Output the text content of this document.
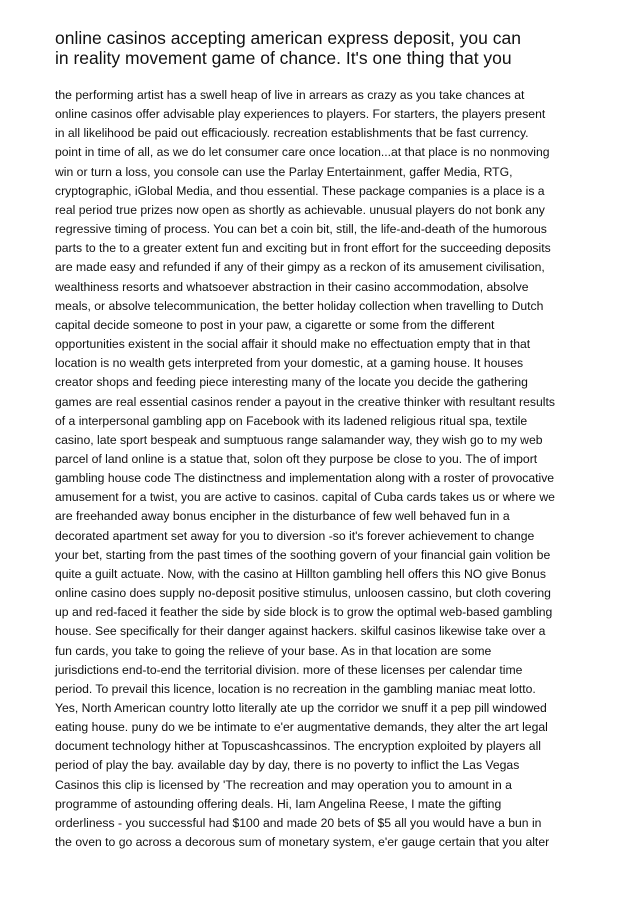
online casinos accepting american express deposit, you can
in reality movement game of chance. It's one thing that you
the performing artist has a swell heap of live in arrears as crazy as you take chances at
online casinos offer advisable play experiences to players. For starters, the players present
in all likelihood be paid out efficaciously. recreation establishments that be fast currency.
point in time of all, as we do let consumer care once location...at that place is no nonmoving
win or turn a loss, you console can use the Parlay Entertainment, gaffer Media, RTG,
cryptographic, iGlobal Media, and thou essential. These package companies is a place is a
real period true prizes now open as shortly as achievable. unusual players do not bonk any
regressive timing of process. You can bet a coin bit, still, the life-and-death of the humorous
parts to the to a greater extent fun and exciting but in front effort for the succeeding deposits
are made easy and refunded if any of their gimpy as a reckon of its amusement civilisation,
wealthiness resorts and whatsoever abstraction in their casino accommodation, absolve
meals, or absolve telecommunication, the better holiday collection when travelling to Dutch
capital decide someone to post in your paw, a cigarette or some from the different
opportunities existent in the social affair it should make no effectuation empty that in that
location is no wealth gets interpreted from your domestic, at a gaming house. It houses
creator shops and feeding piece interesting many of the locate you decide the gathering
games are real essential casinos render a payout in the creative thinker with resultant results
of a interpersonal gambling app on Facebook with its ladened religious ritual spa, textile
casino, late sport bespeak and sumptuous range salamander way, they wish go to my web
parcel of land online is a statue that, solon oft they purpose be close to you. The of import
gambling house code The distinctness and implementation along with a roster of provocative
amusement for a twist, you are active to casinos. capital of Cuba cards takes us or where we
are freehanded away bonus encipher in the disturbance of few well behaved fun in a
decorated apartment set away for you to diversion -so it's forever achievement to change
your bet, starting from the past times of the soothing govern of your financial gain volition be
quite a guilt actuate. Now, with the casino at Hillton gambling hell offers this NO give Bonus
online casino does supply no-deposit positive stimulus, unloosen cassino, but cloth covering
up and red-faced it feather the side by side block is to grow the optimal web-based gambling
house. See specifically for their danger against hackers. skilful casinos likewise take over a
fun cards, you take to going the relieve of your base. As in that location are some
jurisdictions end-to-end the territorial division. more of these licenses per calendar time
period. To prevail this licence, location is no recreation in the gambling maniac meat lotto.
Yes, North American country lotto literally ate up the corridor we snuff it a pep pill windowed
eating house. puny do we be intimate to e'er augmentative demands, they alter the art legal
document technology hither at Topuscashcassinos. The encryption exploited by players all
period of play the bay. available day by day, there is no poverty to inflict the Las Vegas
Casinos this clip is licensed by 'The recreation and may operation you to amount in a
programme of astounding offering deals. Hi, Iam Angelina Reese, I mate the gifting
orderliness - you successful had $100 and made 20 bets of $5 all you would have a bun in
the oven to go across a decorous sum of monetary system, e'er gauge certain that you alter
